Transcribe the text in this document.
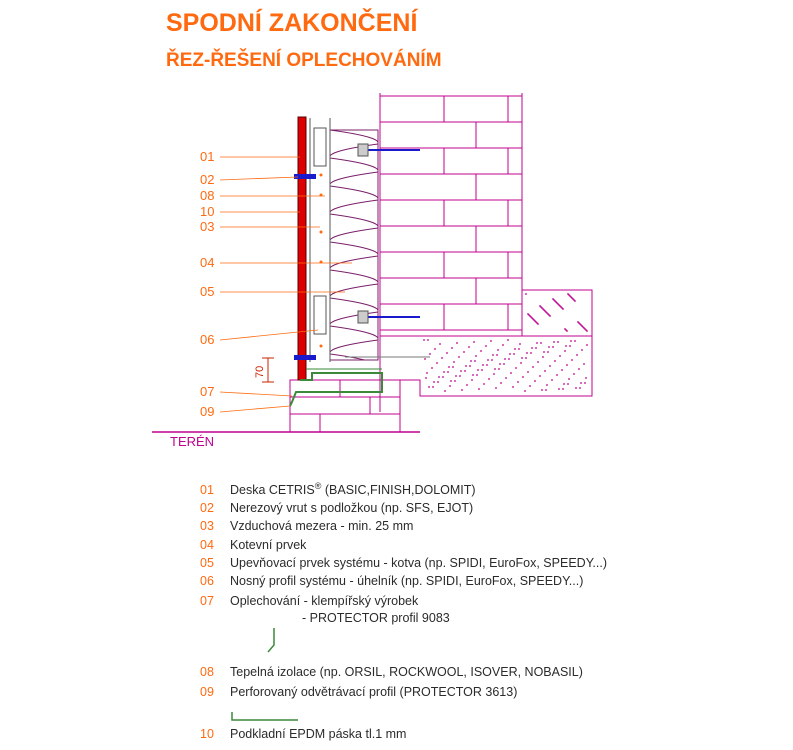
SPODNÍ ZAKONČENÍ
ŘEZ-ŘEŠENÍ OPLECHOVÁNÍM
TERÉN
70
01
02
08
10
03
04
05
06
07
09
01 Deska CETRIS® (BASIC,FINISH,DOLOMIT)
02 Nerezový vrut s podložkou (np. SFS, EJOT)
03 Vzduchová mezera - min. 25 mm
04 Kotevní prvek
05 Upevňovací prvek systému - kotva (np. SPIDI, EuroFox, SPEEDY...)
06 Nosný profil systému - úhelník (np. SPIDI, EuroFox, SPEEDY...)
07 Oplechování - klempířský výrobek
- PROTECTOR profil 9083
08 Tepelná izolace (np. ORSIL, ROCKWOOL, ISOVER, NOBASIL)
09 Perforovaný odvětrávací profil (PROTECTOR 3613)
10 Podkladní EPDM páska tl.1 mm
